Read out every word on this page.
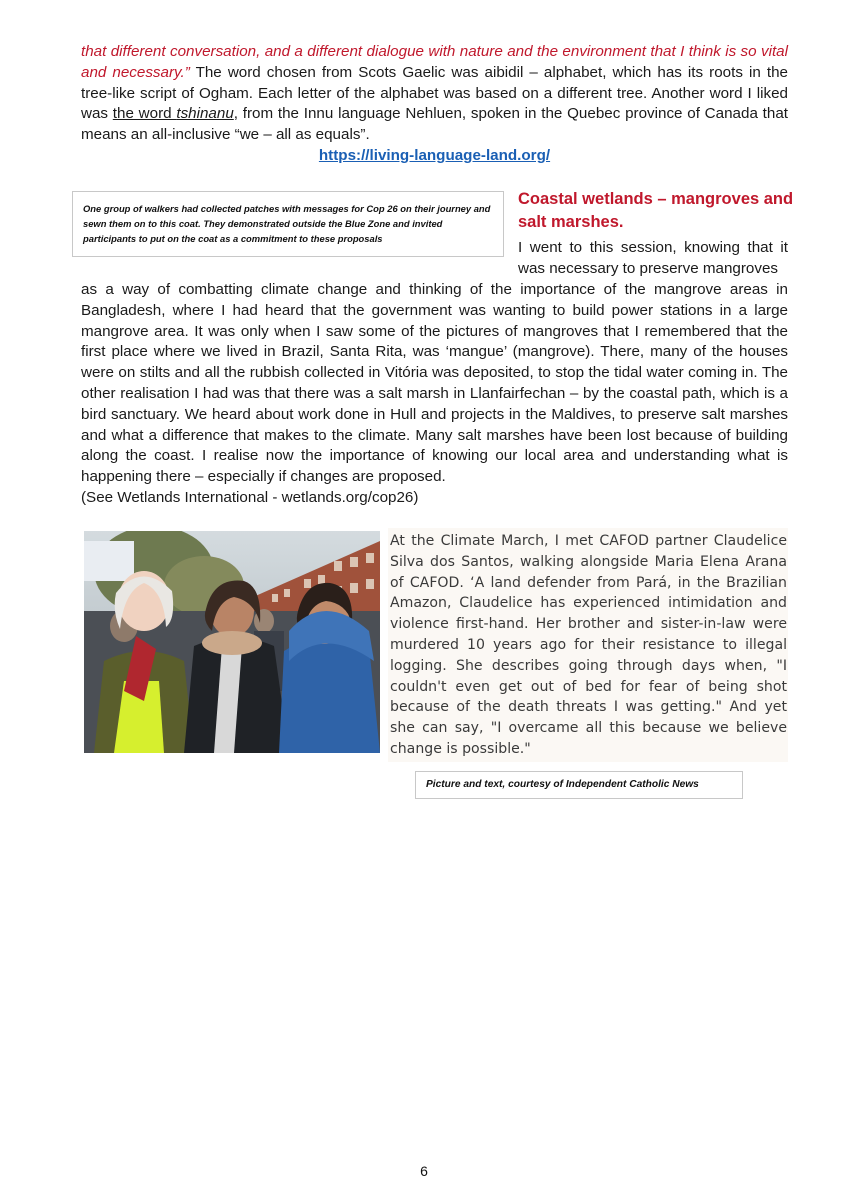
that different conversation, and a different dialogue with nature and the environment that I think is so vital and necessary.” The word chosen from Scots Gaelic was aibidil – alphabet, which has its roots in the tree-like script of Ogham. Each letter of the alphabet was based on a different tree. Another word I liked was the word tshinanu, from the Innu language Nehluen, spoken in the Quebec province of Canada that means an all-inclusive “we – all as equals”.

https://living-language-land.org/
One group of walkers had collected patches with messages for Cop 26 on their journey and sewn them on to this coat. They demonstrated outside the Blue Zone and invited participants to put on the coat as a commitment to these proposals
Coastal wetlands – mangroves and salt marshes.
I went to this session, knowing that it was necessary to preserve mangroves

as a way of combatting climate change and thinking of the importance of the mangrove areas in Bangladesh, where I had heard that the government was wanting to build power stations in a large mangrove area. It was only when I saw some of the pictures of mangroves that I remembered that the first place where we lived in Brazil, Santa Rita, was ‘mangue’ (mangrove). There, many of the houses were on stilts and all the rubbish collected in Vitória was deposited, to stop the tidal water coming in. The other realisation I had was that there was a salt marsh in Llanfairfechan – by the coastal path, which is a bird sanctuary. We heard about work done in Hull and projects in the Maldives, to preserve salt marshes and what a difference that makes to the climate. Many salt marshes have been lost because of building along the coast. I realise now the importance of knowing our local area and understanding what is happening there – especially if changes are proposed.
(See Wetlands International - wetlands.org/cop26)

At the Climate March, I met CAFOD partner Claudelice Silva dos Santos, walking alongside Maria Elena Arana of CAFOD. ‘A land defender from Pará, in the Brazilian Amazon, Claudelice has experienced intimidation and violence first-hand. Her brother and sister-in-law were murdered 10 years ago for their resistance to illegal logging. She describes going through days when, "I couldn't even get out of bed for fear of being shot because of the death threats I was getting." And yet she can say, "I overcame all this because we believe change is possible."
Picture and text, courtesy of Independent Catholic News
6
